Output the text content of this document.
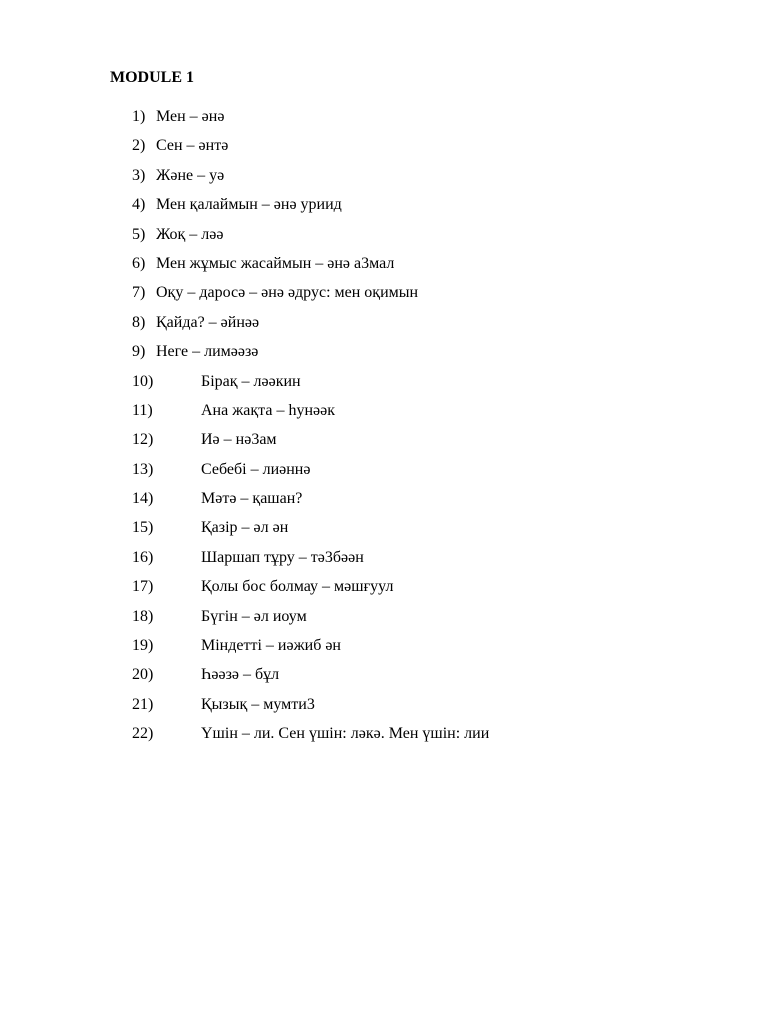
MODULE 1
1) Мен – әнә
2) Сен – әнтә
3) Және – уә
4) Мен қалаймын – әнә уриид
5) Жоқ – ләә
6) Мен жұмыс жасаймын – әнә а3мал
7) Оқу – даросә – әнә әдрус: мен оқимын
8) Қайда? – әйнәә
9) Неге – лимәәзә
10)	Бірақ – ләәкин
11)	Ана жақта – һунәәк
12)	Иә – нә3ам
13)	Себебі – лиәннә
14)	Мәтә – қашан?
15)	Қазір – әл ән
16)	Шаршап тұру – тә3бәән
17)	Қолы бос болмау – мәшғуул
18)	Бүгін – әл иоум
19)	Міндетті – иәжиб ән
20)	Һәәзә – бұл
21)	Қызық – мумти3
22)	Үшін – ли. Сен үшін: ләкә. Мен үшін: лии
